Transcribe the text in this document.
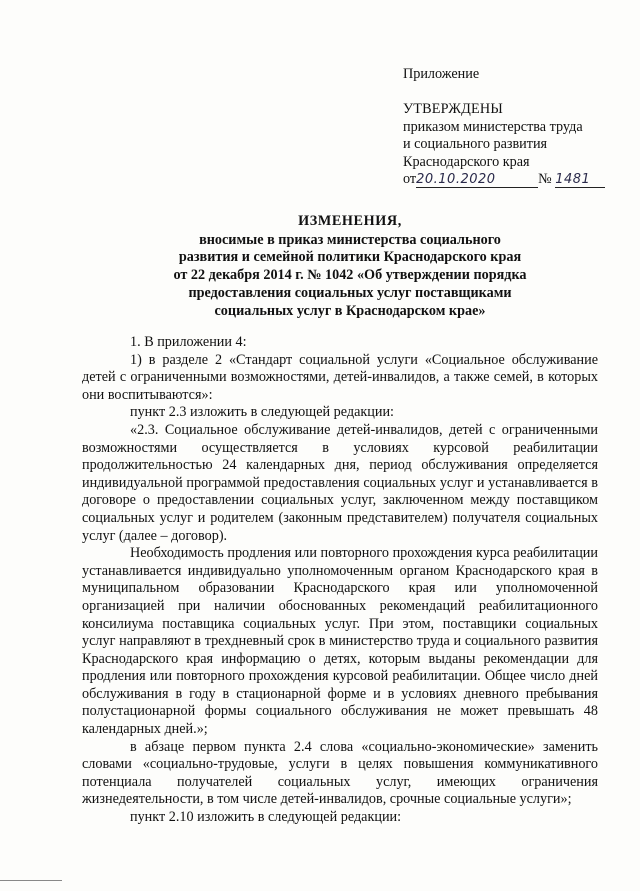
Приложение

УТВЕРЖДЕНЫ

приказом министерства труда

и социального развития

Краснодарского края

от20.10.2020	№ 1481

ИЗМЕНЕНИЯ,

вносимые в приказ министерства социального

развития и семейной политики Краснодарского края

от 22 декабря 2014 г. № 1042 «Об утверждении порядка

предоставления социальных услуг поставщиками

социальных услуг в Краснодарском крае»

1. В приложении 4:

1) в разделе 2 «Стандарт социальной услуги «Социальное обслуживание детей с ограниченными возможностями, детей-инвалидов, а также семей, в которых они воспитываются»:

пункт 2.3 изложить в следующей редакции:

«2.3. Социальное обслуживание детей-инвалидов, детей с ограниченными возможностями осуществляется в условиях курсовой реабилитации продолжительностью 24 календарных дня, период обслуживания определяется индивидуальной программой предоставления социальных услуг и устанавливается в договоре о предоставлении социальных услуг, заключенном между поставщиком социальных услуг и родителем (законным представителем) получателя социальных услуг (далее – договор).

Необходимость продления или повторного прохождения курса реабилитации устанавливается индивидуально уполномоченным органом Краснодарского края в муниципальном образовании Краснодарского края или уполномоченной организацией при наличии обоснованных рекомендаций реабилитационного консилиума поставщика социальных услуг. При этом, поставщики социальных услуг направляют в трехдневный срок в министерство труда и социального развития Краснодарского края информацию о детях, которым выданы рекомендации для продления или повторного прохождения курсовой реабилитации. Общее число дней обслуживания в году в стационарной форме и в условиях дневного пребывания полустационарной формы социального обслуживания не может превышать 48 календарных дней.»;

в абзаце первом пункта 2.4 слова «социально-экономические» заменить словами «социально-трудовые, услуги в целях повышения коммуникативного потенциала получателей социальных услуг, имеющих ограничения жизнедеятельности, в том числе детей-инвалидов, срочные социальные услуги»;

пункт 2.10 изложить в следующей редакции:
